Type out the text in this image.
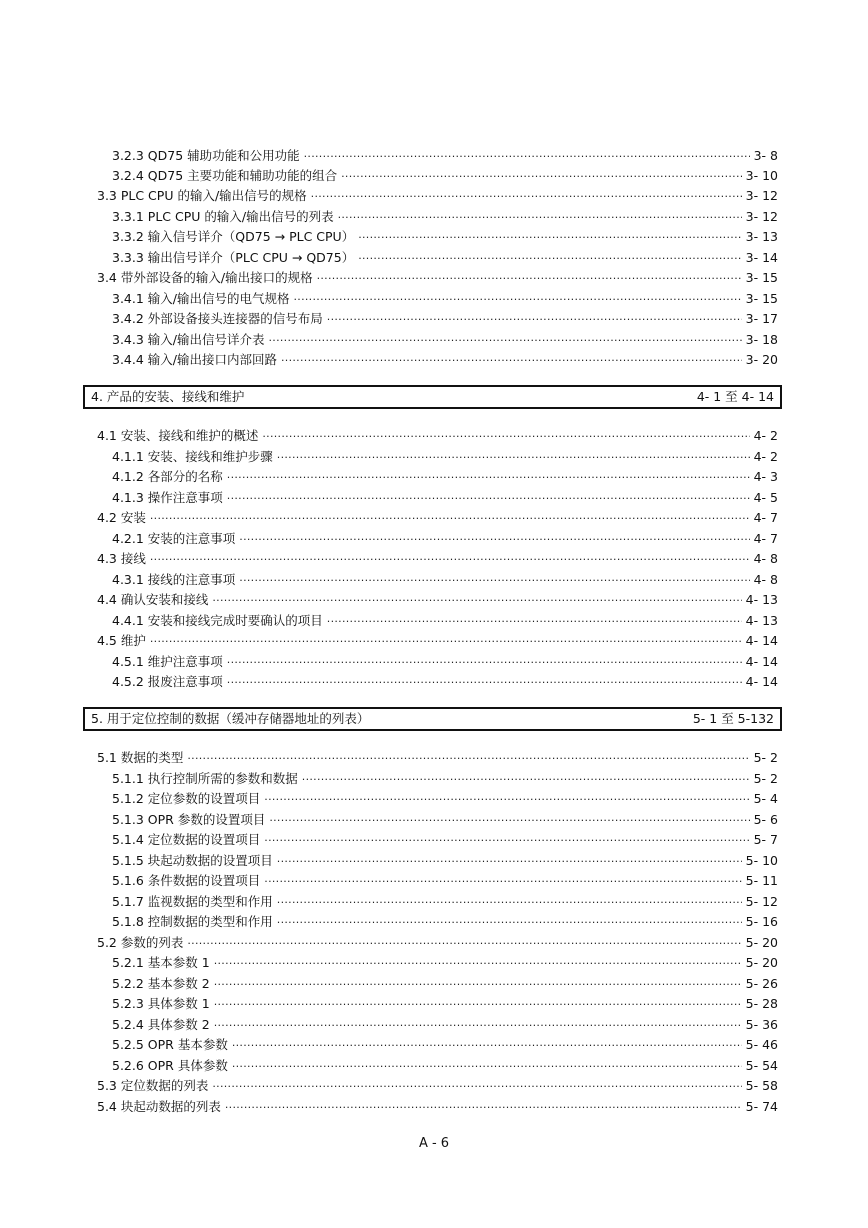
.....
3.2.3 QD75 辅助功能和公用功能	3- 8
.....
3.2.4 QD75 主要功能和辅助功能的组合	3- 10
.....
3.3 PLC CPU 的输入/输出信号的规格	3- 12
.....
3.3.1 PLC CPU 的输入/输出信号的列表	3- 12
.....
3.3.2 输入信号详介（QD75 → PLC CPU）	3- 13
.....
3.3.3 输出信号详介（PLC CPU → QD75）	3- 14
.....
3.4 带外部设备的输入/输出接口的规格	3- 15
.....
3.4.1 输入/输出信号的电气规格	3- 15
.....
3.4.2 外部设备接头连接器的信号布局	3- 17
.....
3.4.3 输入/输出信号详介表	3- 18
.....
3.4.4 输入/输出接口内部回路	3- 20
4. 产品的安装、接线和维护	4- 1 至 4- 14
.....
4.1 安装、接线和维护的概述	4- 2
.....
4.1.1 安装、接线和维护步骤	4- 2
.....
4.1.2 各部分的名称	4- 3
.....
4.1.3 操作注意事项	4- 5
.....
4.2 安装	4- 7
.....
4.2.1 安装的注意事项	4- 7
.....
4.3 接线	4- 8
.....
4.3.1 接线的注意事项	4- 8
.....
4.4 确认安装和接线	4- 13
.....
4.4.1 安装和接线完成时要确认的项目	4- 13
.....
4.5 维护	4- 14
.....
4.5.1 维护注意事项	4- 14
.....
4.5.2 报废注意事项	4- 14
5. 用于定位控制的数据（缓冲存储器地址的列表）	5- 1 至 5-132
.....
5.1 数据的类型	5- 2
.....
5.1.1 执行控制所需的参数和数据	5- 2
.....
5.1.2 定位参数的设置项目	5- 4
.....
5.1.3 OPR 参数的设置项目	5- 6
.....
5.1.4 定位数据的设置项目	5- 7
.....
5.1.5 块起动数据的设置项目	5- 10
.....
5.1.6 条件数据的设置项目	5- 11
.....
5.1.7 监视数据的类型和作用	5- 12
.....
5.1.8 控制数据的类型和作用	5- 16
.....
5.2 参数的列表	5- 20
.....
5.2.1 基本参数 1	5- 20
.....
5.2.2 基本参数 2	5- 26
.....
5.2.3 具体参数 1	5- 28
.....
5.2.4 具体参数 2	5- 36
.....
5.2.5 OPR 基本参数	5- 46
.....
5.2.6 OPR 具体参数	5- 54
.....
5.3 定位数据的列表	5- 58
.....
5.4 块起动数据的列表	5- 74
A - 6
